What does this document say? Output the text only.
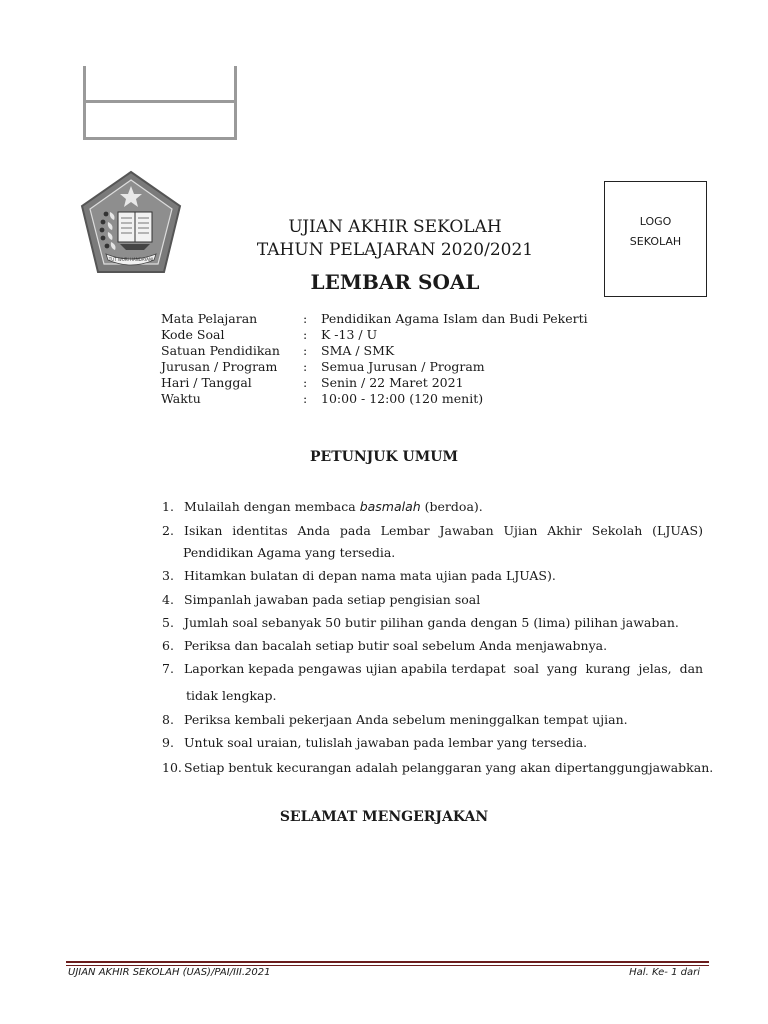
TUT WURI HANDAYANI
UJIAN AKHIR SEKOLAH
TAHUN PELAJARAN 2020/2021
LEMBAR SOAL
LOGO
SEKOLAH
Mata Pelajaran	:	Pendidikan Agama Islam dan Budi Pekerti
Kode Soal	:	K -13 / U
Satuan Pendidikan	:	SMA / SMK
Jurusan / Program	:	Semua Jurusan / Program
Hari / Tanggal	:	Senin / 22 Maret 2021
Waktu	:	10:00 - 12:00 (120 menit)
PETUNJUK UMUM
1. Mulailah dengan membaca basmalah (berdoa).
2. Isikan identitas Anda pada Lembar Jawaban Ujian Akhir Sekolah (LJUAS)
Pendidikan Agama yang tersedia.
3. Hitamkan bulatan di depan nama mata ujian pada LJUAS).
4. Simpanlah jawaban pada setiap pengisian soal
5. Jumlah soal sebanyak 50 butir pilihan ganda dengan 5 (lima) pilihan jawaban.
6. Periksa dan bacalah setiap butir soal sebelum Anda menjawabnya.
7. Laporkan kepada pengawas ujian apabila terdapat  soal  yang  kurang  jelas,  dan
tidak lengkap.
8. Periksa kembali pekerjaan Anda sebelum meninggalkan tempat ujian.
9. Untuk soal uraian, tulislah jawaban pada lembar yang tersedia.
10. Setiap bentuk kecurangan adalah pelanggaran yang akan dipertanggungjawabkan.
SELAMAT MENGERJAKAN
UJIAN AKHIR SEKOLAH (UAS)/PAI/III.2021	Hal. Ke- 1 dari
